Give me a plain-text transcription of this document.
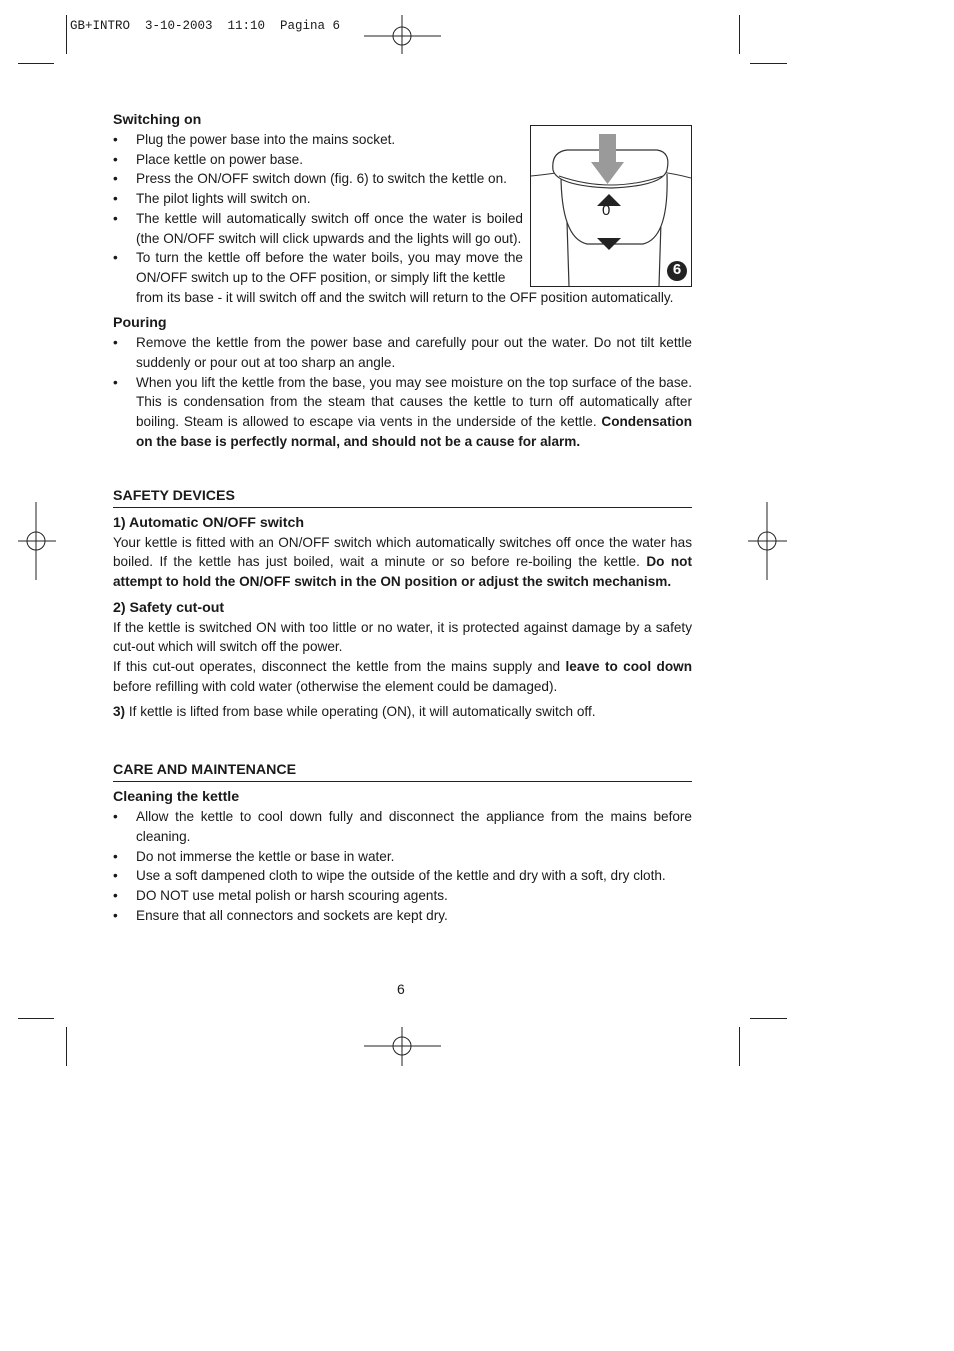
GB+INTRO  3-10-2003  11:10  Pagina 6
0
6
Switching on
• Plug the power base into the mains socket.
• Place kettle on power base.
• Press the ON/OFF switch down (fig. 6) to switch the kettle on.
• The pilot lights will switch on.
• The kettle will automatically switch off once the water is boiled (the ON/OFF switch will click upwards and the lights will go out).
• To turn the kettle off before the water boils, you may move the ON/OFF switch up to the OFF position, or simply lift the kettle
from its base - it will switch off and the switch will return to the OFF position automatically.
Pouring
• Remove the kettle from the power base and carefully pour out the water. Do not tilt kettle suddenly or pour out at too sharp an angle.
• When you lift the kettle from the base, you may see moisture on the top surface of the base. This is condensation from the steam that causes the kettle to turn off automatically after boiling. Steam is allowed to escape via vents in the underside of the kettle. Condensation on the base is perfectly normal, and should not be a cause for alarm.
SAFETY DEVICES
1) Automatic ON/OFF switch

Your kettle is fitted with an ON/OFF switch which automatically switches off once the water has boiled. If the kettle has just boiled, wait a minute or so before re-boiling the kettle. Do not attempt to hold the ON/OFF switch in the ON position or adjust the switch mechanism.

2) Safety cut-out

If the kettle is switched ON with too little or no water, it is protected against damage by a safety cut-out which will switch off the power.

If this cut-out operates, disconnect the kettle from the mains supply and leave to cool down before refilling with cold water (otherwise the element could be damaged).

3) If kettle is lifted from base while operating (ON), it will automatically switch off.

CARE AND MAINTENANCE
Cleaning the kettle
• Allow the kettle to cool down fully and disconnect the appliance from the mains before cleaning.
• Do not immerse the kettle or base in water.
• Use a soft dampened cloth to wipe the outside of the kettle and dry with a soft, dry cloth.
• DO NOT use metal polish or harsh scouring agents.
• Ensure that all connectors and sockets are kept dry.
6
